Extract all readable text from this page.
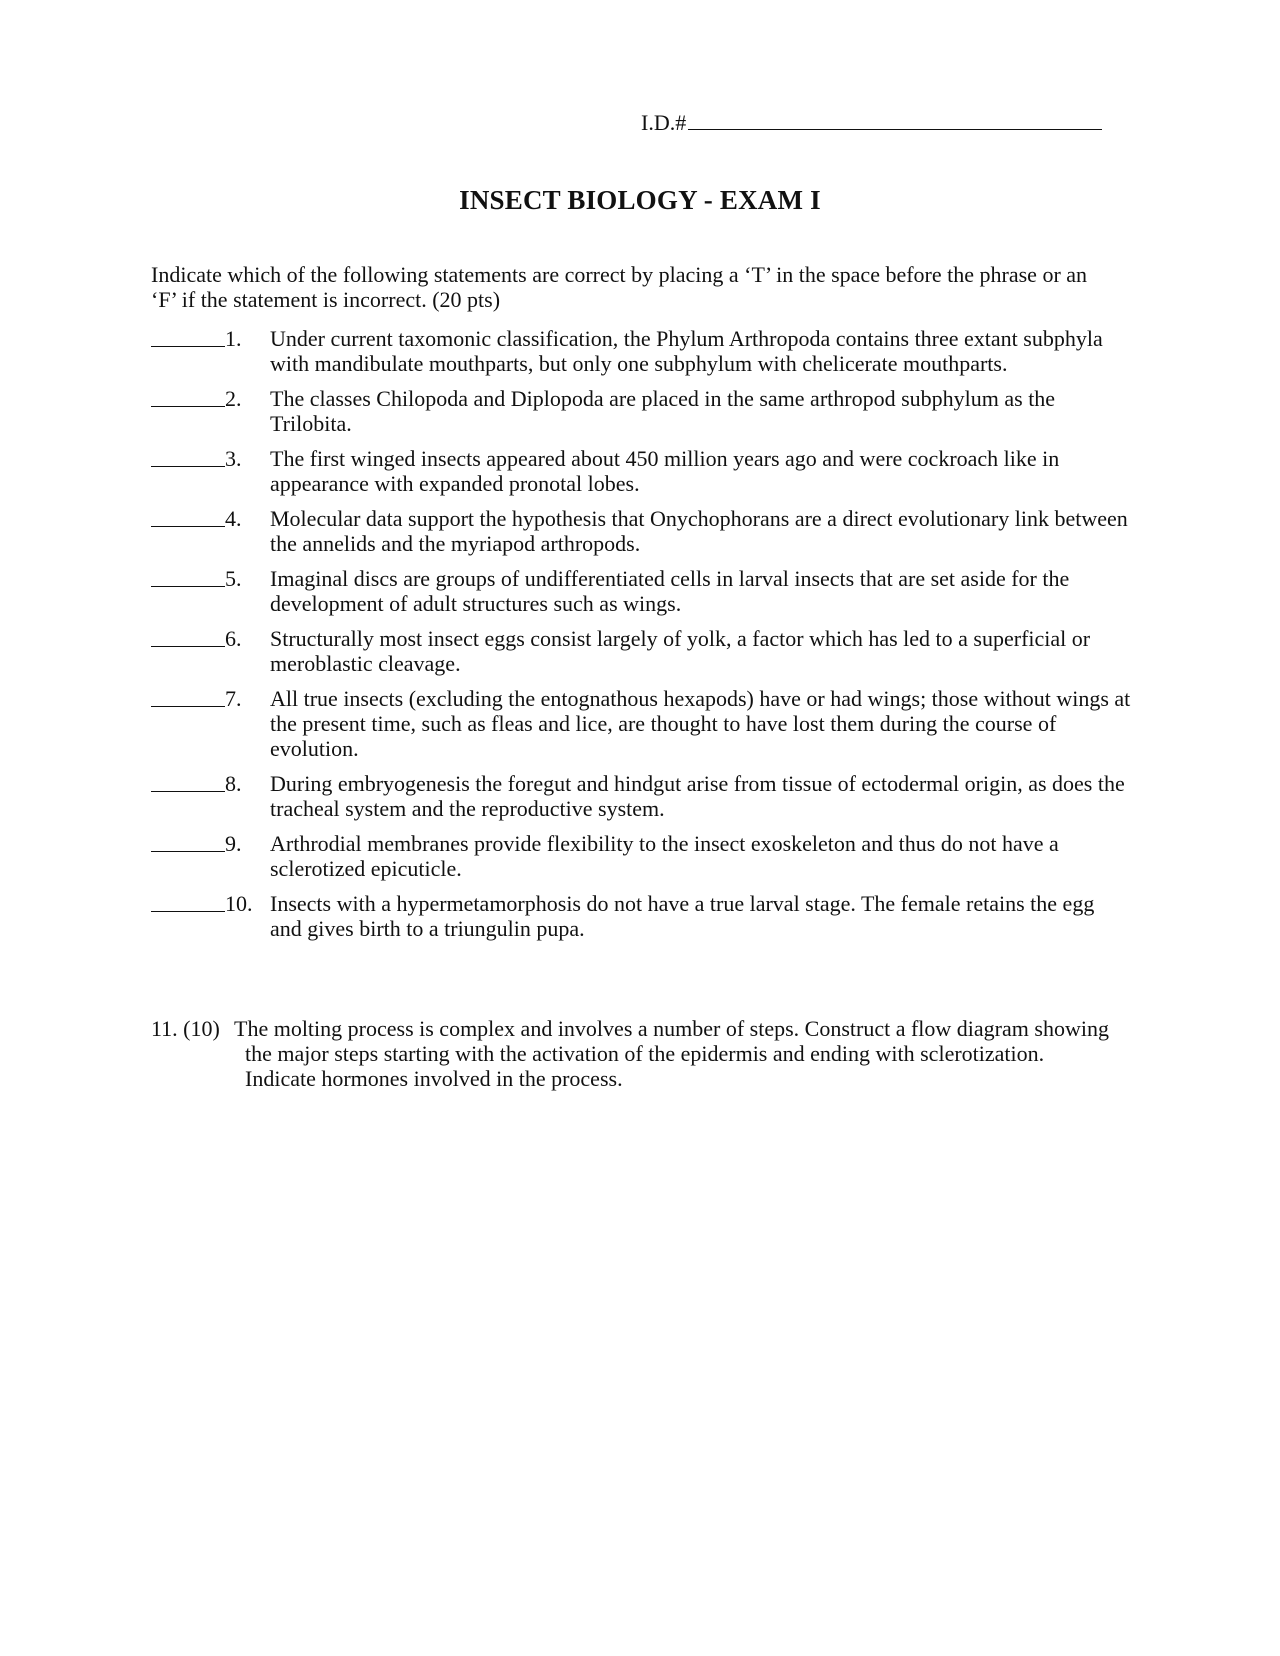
I.D.#
INSECT BIOLOGY - EXAM I
Indicate which of the following statements are correct by placing a ‘T’ in the space before the phrase or an ‘F’ if the statement is incorrect. (20 pts)
1. Under current taxomonic classification, the Phylum Arthropoda contains three extant subphyla with mandibulate mouthparts, but only one subphylum with chelicerate mouthparts.
2. The classes Chilopoda and Diplopoda are placed in the same arthropod subphylum as the Trilobita.
3. The first winged insects appeared about 450 million years ago and were cockroach like in appearance with expanded pronotal lobes.
4. Molecular data support the hypothesis that Onychophorans are a direct evolutionary link between the annelids and the myriapod arthropods.
5. Imaginal discs are groups of undifferentiated cells in larval insects that are set aside for the development of adult structures such as wings.
6. Structurally most insect eggs consist largely of yolk, a factor which has led to a superficial or meroblastic cleavage.
7. All true insects (excluding the entognathous hexapods) have or had wings; those without wings at the present time, such as fleas and lice, are thought to have lost them during the course of evolution.
8. During embryogenesis the foregut and hindgut arise from tissue of ectodermal origin, as does the tracheal system and the reproductive system.
9. Arthrodial membranes provide flexibility to the insect exoskeleton and thus do not have a sclerotized epicuticle.
10. Insects with a hypermetamorphosis do not have a true larval stage. The female retains the egg and gives birth to a triungulin pupa.
11. (10) The molting process is complex and involves a number of steps. Construct a flow diagram showing the major steps starting with the activation of the epidermis and ending with sclerotization. Indicate hormones involved in the process.
